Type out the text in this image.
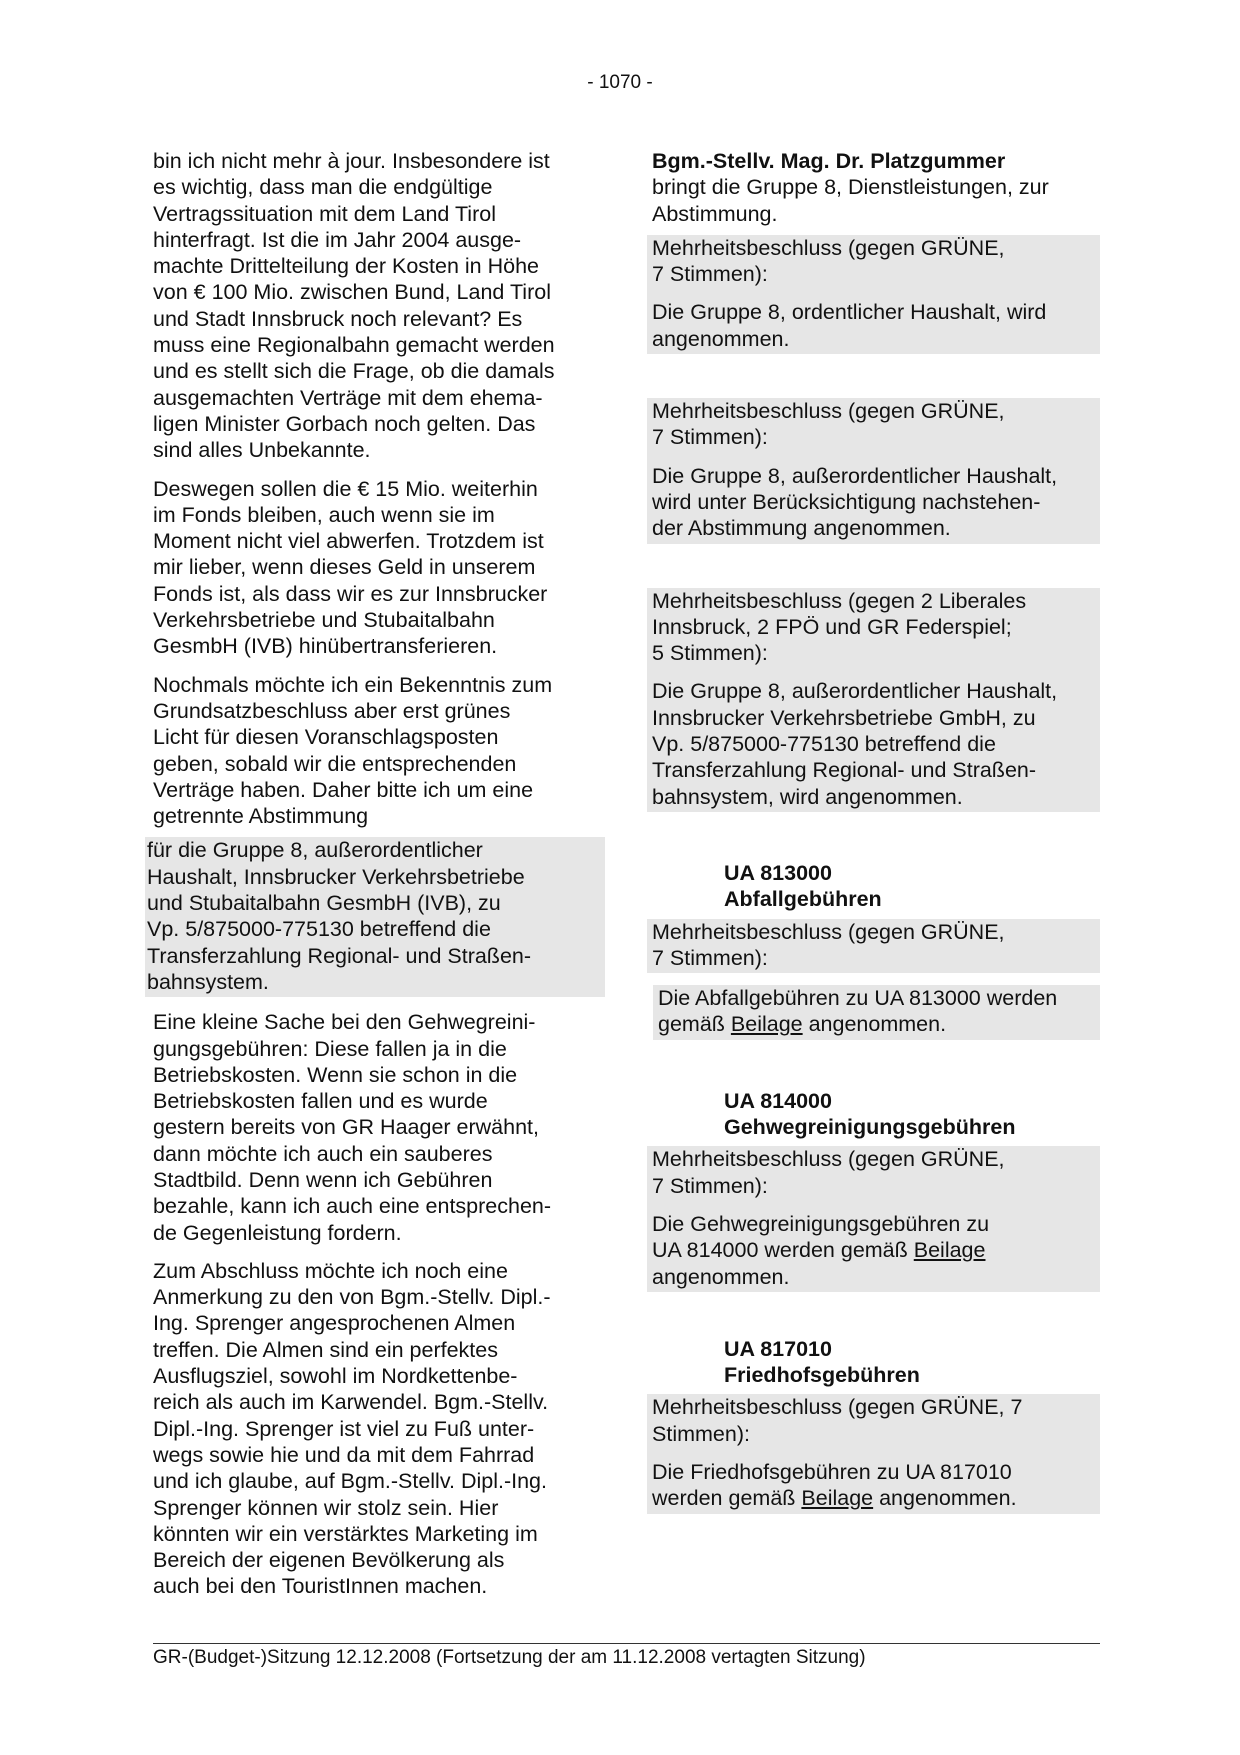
- 1070 -

bin ich nicht mehr à jour. Insbesondere ist
es wichtig, dass man die endgültige
Vertragssituation mit dem Land Tirol
hinterfragt. Ist die im Jahr 2004 ausge-
machte Drittelteilung der Kosten in Höhe
von € 100 Mio. zwischen Bund, Land Tirol
und Stadt Innsbruck noch relevant? Es
muss eine Regionalbahn gemacht werden
und es stellt sich die Frage, ob die damals
ausgemachten Verträge mit dem ehema-
ligen Minister Gorbach noch gelten. Das
sind alles Unbekannte.

Deswegen sollen die € 15 Mio. weiterhin
im Fonds bleiben, auch wenn sie im
Moment nicht viel abwerfen. Trotzdem ist
mir lieber, wenn dieses Geld in unserem
Fonds ist, als dass wir es zur Innsbrucker
Verkehrsbetriebe und Stubaitalbahn
GesmbH (IVB) hinübertransferieren.

Nochmals möchte ich ein Bekenntnis zum
Grundsatzbeschluss aber erst grünes
Licht für diesen Voranschlagsposten
geben, sobald wir die entsprechenden
Verträge haben. Daher bitte ich um eine
getrennte Abstimmung

für die Gruppe 8, außerordentlicher
Haushalt, Innsbrucker Verkehrsbetriebe
und Stubaitalbahn GesmbH (IVB), zu
Vp. 5/875000-775130 betreffend die
Transferzahlung Regional- und Straßen-
bahnsystem.

Eine kleine Sache bei den Gehwegreini-
gungsgebühren: Diese fallen ja in die
Betriebskosten. Wenn sie schon in die
Betriebskosten fallen und es wurde
gestern bereits von GR Haager erwähnt,
dann möchte ich auch ein sauberes
Stadtbild. Denn wenn ich Gebühren
bezahle, kann ich auch eine entsprechen-
de Gegenleistung fordern.

Zum Abschluss möchte ich noch eine
Anmerkung zu den von Bgm.-Stellv. Dipl.-
Ing. Sprenger angesprochenen Almen
treffen. Die Almen sind ein perfektes
Ausflugsziel, sowohl im Nordkettenbe-
reich als auch im Karwendel. Bgm.-Stellv.
Dipl.-Ing. Sprenger ist viel zu Fuß unter-
wegs sowie hie und da mit dem Fahrrad
und ich glaube, auf Bgm.-Stellv. Dipl.-Ing.
Sprenger können wir stolz sein. Hier
könnten wir ein verstärktes Marketing im
Bereich der eigenen Bevölkerung als
auch bei den TouristInnen machen.

Bgm.-Stellv. Mag. Dr. Platzgummer

bringt die Gruppe 8, Dienstleistungen, zur
Abstimmung.

Mehrheitsbeschluss (gegen GRÜNE,
7 Stimmen):

Die Gruppe 8, ordentlicher Haushalt, wird
angenommen.

Mehrheitsbeschluss (gegen GRÜNE,
7 Stimmen):

Die Gruppe 8, außerordentlicher Haushalt,
wird unter Berücksichtigung nachstehen-
der Abstimmung angenommen.

Mehrheitsbeschluss (gegen 2 Liberales
Innsbruck, 2 FPÖ und GR Federspiel;
5 Stimmen):

Die Gruppe 8, außerordentlicher Haushalt,
Innsbrucker Verkehrsbetriebe GmbH, zu
Vp. 5/875000-775130 betreffend die
Transferzahlung Regional- und Straßen-
bahnsystem, wird angenommen.

UA 813000
Abfallgebühren

Mehrheitsbeschluss (gegen GRÜNE,
7 Stimmen):

Die Abfallgebühren zu UA 813000 werden
gemäß Beilage angenommen.

UA 814000
Gehwegreinigungsgebühren

Mehrheitsbeschluss (gegen GRÜNE,
7 Stimmen):

Die Gehwegreinigungsgebühren zu
UA 814000 werden gemäß Beilage
angenommen.

UA 817010
Friedhofsgebühren

Mehrheitsbeschluss (gegen GRÜNE, 7
Stimmen):

Die Friedhofsgebühren zu UA 817010
werden gemäß Beilage angenommen.

GR-(Budget-)Sitzung 12.12.2008 (Fortsetzung der am 11.12.2008 vertagten Sitzung)
